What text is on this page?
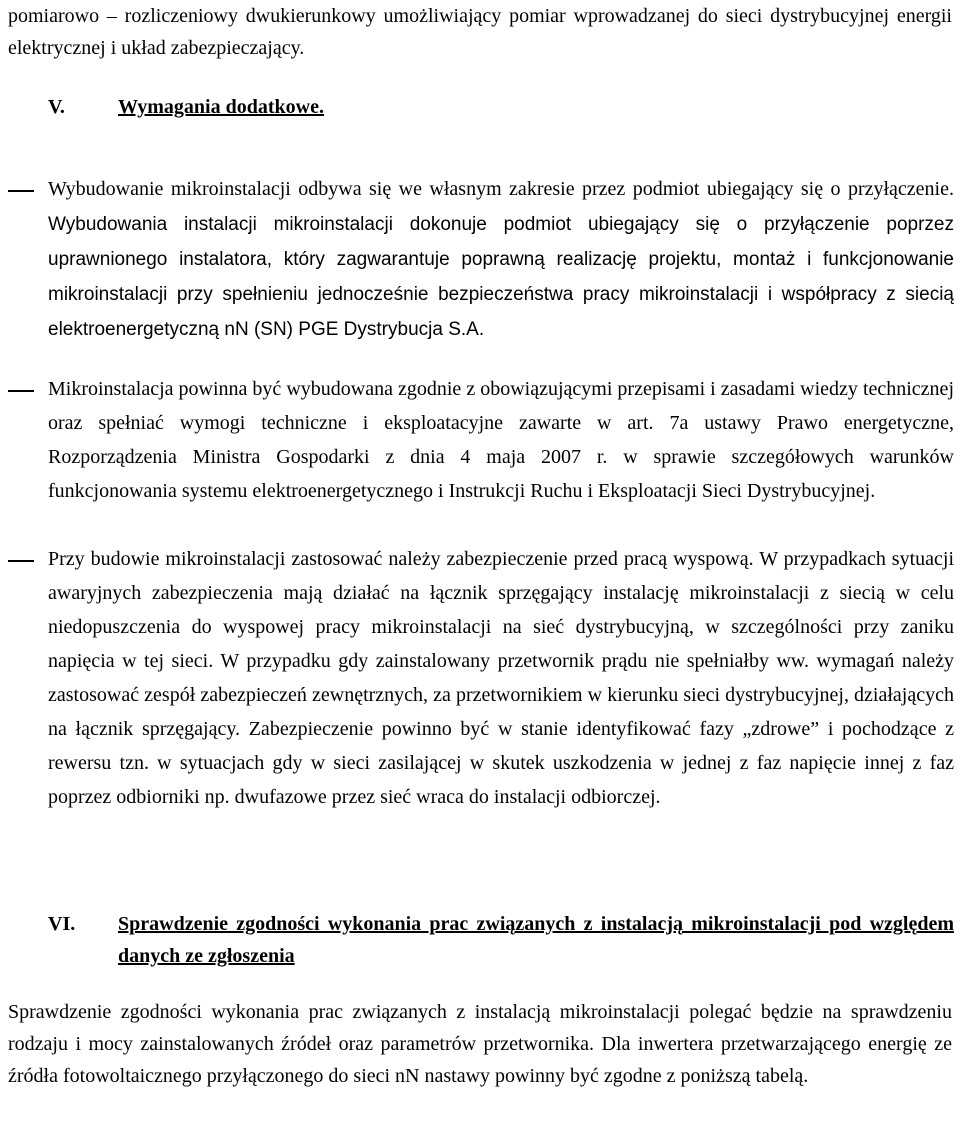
pomiarowo – rozliczeniowy dwukierunkowy umożliwiający pomiar wprowadzanej do sieci dystrybucyjnej energii elektrycznej i układ zabezpieczający.
V.	Wymagania dodatkowe.

Wybudowanie mikroinstalacji odbywa się we własnym zakresie przez podmiot ubiegający się o przyłączenie. Wybudowania instalacji mikroinstalacji dokonuje podmiot ubiegający się o przyłączenie poprzez uprawnionego instalatora, który zagwarantuje poprawną realizację projektu, montaż i funkcjonowanie mikroinstalacji przy spełnieniu jednocześnie bezpieczeństwa pracy mikroinstalacji i współpracy z siecią elektroenergetyczną nN (SN) PGE Dystrybucja S.A.

Mikroinstalacja powinna być wybudowana zgodnie z obowiązującymi przepisami i zasadami wiedzy technicznej oraz spełniać wymogi techniczne i eksploatacyjne zawarte w art. 7a ustawy Prawo energetyczne, Rozporządzenia Ministra Gospodarki z dnia 4 maja 2007 r. w sprawie szczegółowych warunków funkcjonowania systemu elektroenergetycznego i Instrukcji Ruchu i Eksploatacji Sieci Dystrybucyjnej.

Przy budowie mikroinstalacji zastosować należy zabezpieczenie przed pracą wyspową. W przypadkach sytuacji awaryjnych zabezpieczenia mają działać na łącznik sprzęgający instalację mikroinstalacji z siecią w celu niedopuszczenia do wyspowej pracy mikroinstalacji na sieć dystrybucyjną, w szczególności przy zaniku napięcia w tej sieci. W przypadku gdy zainstalowany przetwornik prądu nie spełniałby ww. wymagań należy zastosować zespół zabezpieczeń zewnętrznych, za przetwornikiem w kierunku sieci dystrybucyjnej, działających na łącznik sprzęgający. Zabezpieczenie powinno być w stanie identyfikować fazy „zdrowe” i pochodzące z rewersu tzn. w sytuacjach gdy w sieci zasilającej w skutek uszkodzenia w jednej z faz napięcie innej z faz poprzez odbiorniki np. dwufazowe przez sieć wraca do instalacji odbiorczej.

VI. Sprawdzenie zgodności wykonania prac związanych z instalacją mikroinstalacji pod względem danych ze zgłoszenia

Sprawdzenie zgodności wykonania prac związanych z instalacją mikroinstalacji polegać będzie na sprawdzeniu rodzaju i mocy zainstalowanych źródeł oraz parametrów przetwornika. Dla inwertera przetwarzającego energię ze źródła fotowoltaicznego przyłączonego do sieci nN nastawy powinny być zgodne z poniższą tabelą.
